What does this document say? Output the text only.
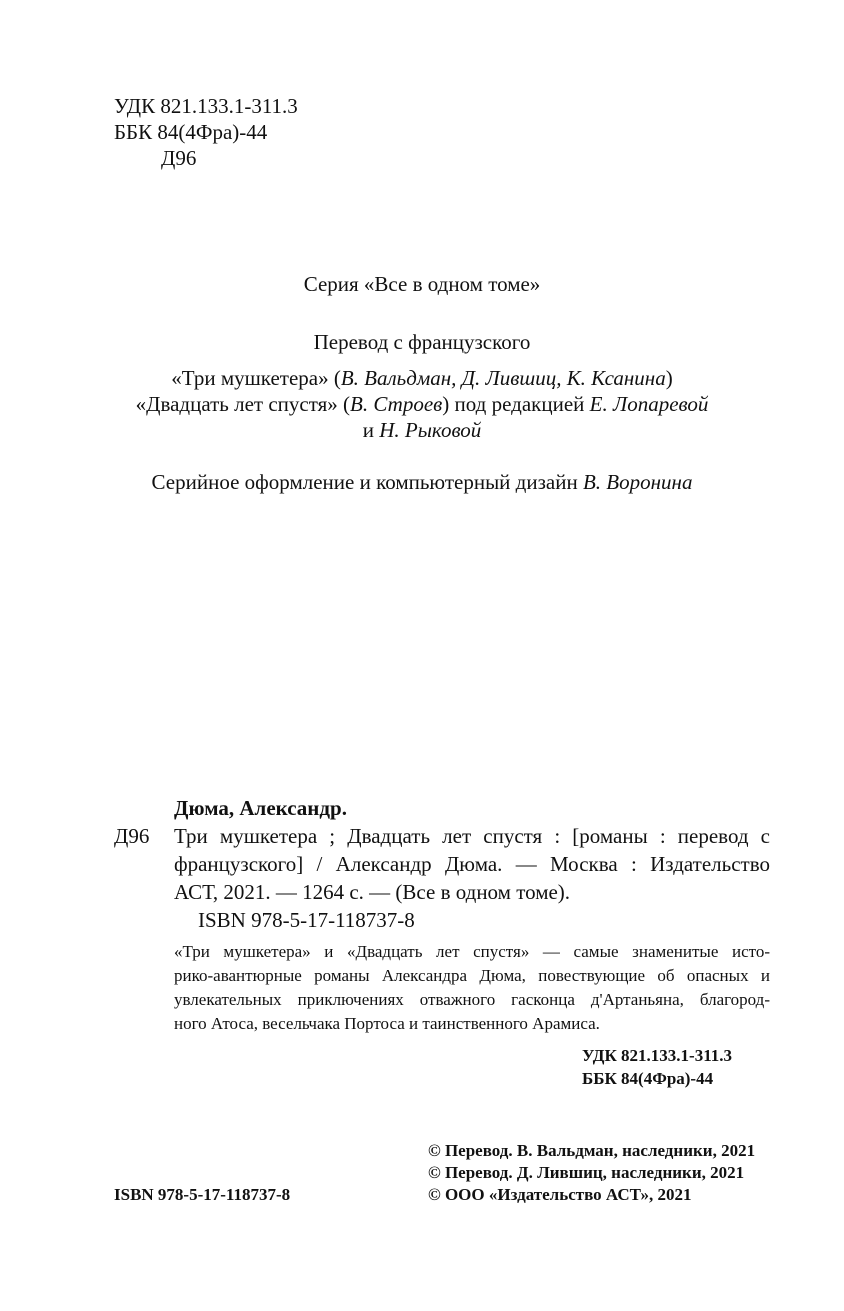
УДК 821.133.1-311.3
ББК 84(4Фра)-44
Д96
Серия «Все в одном томе»
Перевод с французского
«Три мушкетера» (В. Вальдман, Д. Лившиц, К. Ксанина)
«Двадцать лет спустя» (В. Строев) под редакцией Е. Лопаревой
и Н. Рыковой
Серийное оформление и компьютерный дизайн В. Воронина
Дюма, Александр.
Д96 Три мушкетера ; Двадцать лет спустя : [романы : перевод с
французского] / Александр Дюма. — Москва : Издательство
АСТ, 2021. — 1264 с. — (Все в одном томе).
ISBN 978-5-17-118737-8
«Три мушкетера» и «Двадцать лет спустя» — самые знаменитые исто-
рико-авантюрные романы Александра Дюма, повествующие об опасных и
увлекательных приключениях отважного гасконца д'Артаньяна, благород-
ного Атоса, весельчака Портоса и таинственного Арамиса.
УДК 821.133.1-311.3
ББК 84(4Фра)-44
ISBN 978-5-17-118737-8
© Перевод. В. Вальдман, наследники, 2021
© Перевод. Д. Лившиц, наследники, 2021
© ООО «Издательство АСТ», 2021
